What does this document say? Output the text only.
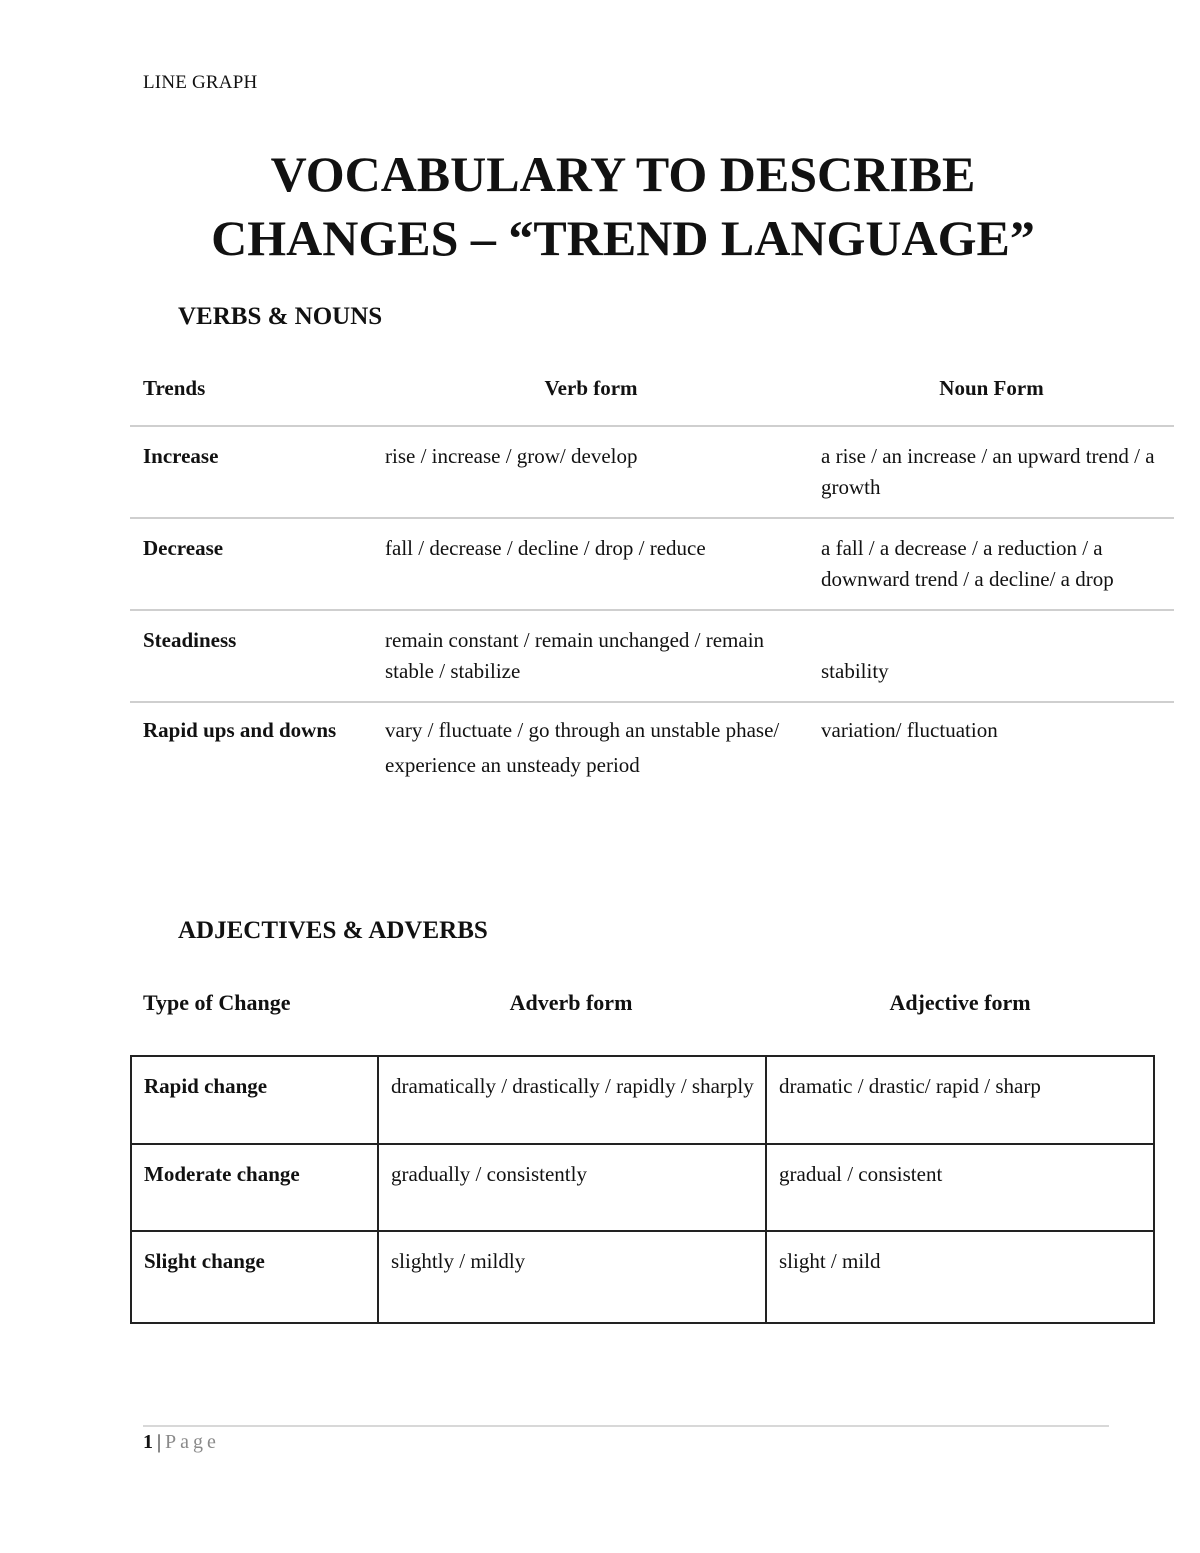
LINE GRAPH
VOCABULARY TO DESCRIBE
CHANGES – “TREND LANGUAGE”
VERBS & NOUNS
Trends	Verb form	Noun Form
Increase	rise / increase / grow/ develop	a rise / an increase / an upward trend / a growth
Decrease	fall / decrease / decline / drop / reduce	a fall / a decrease / a reduction / a downward trend / a decline/ a drop
Steadiness	remain constant / remain unchanged / remain stable / stabilize	stability
Rapid ups and downs	vary / fluctuate / go through an unstable phase/ experience an unsteady period	variation/ fluctuation
ADJECTIVES & ADVERBS
Type of Change	Adverb form	Adjective form
Rapid change	dramatically / drastically / rapidly / sharply	dramatic / drastic/ rapid / sharp
Moderate change	gradually / consistently	gradual / consistent
Slight change	slightly / mildly	slight / mild
1 | Page
